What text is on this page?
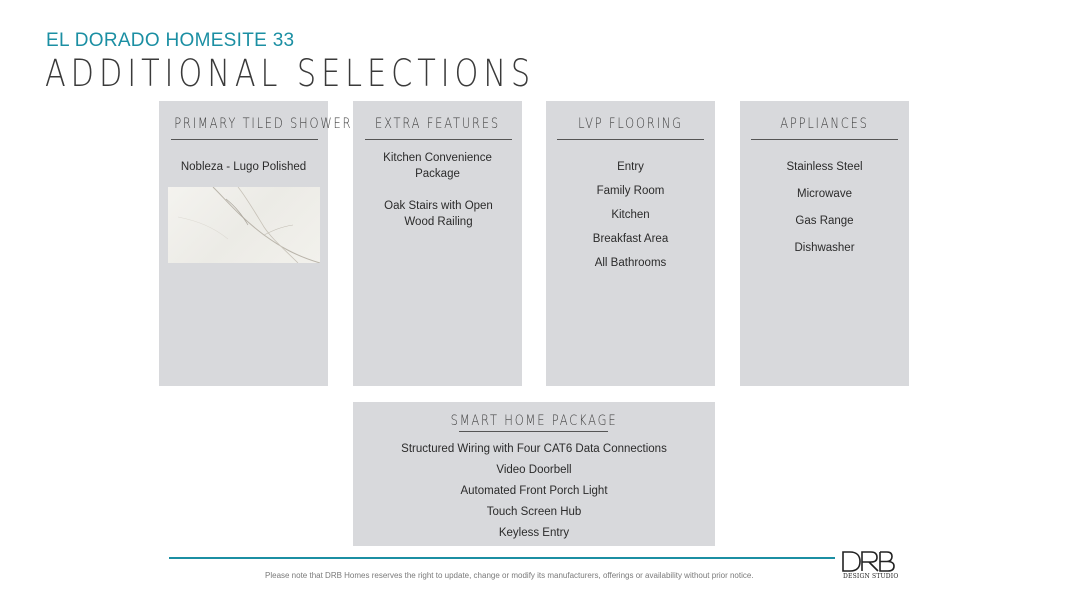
EL DORADO HOMESITE 33
ADDITIONAL SELECTIONS
PRIMARY TILED SHOWER
Nobleza - Lugo Polished
EXTRA FEATURES
Kitchen Convenience Package
Oak Stairs with Open Wood Railing
LVP FLOORING
Entry
Family Room
Kitchen
Breakfast Area
All Bathrooms
APPLIANCES
Stainless Steel
Microwave
Gas Range
Dishwasher
SMART HOME PACKAGE
Structured Wiring with Four CAT6 Data Connections
Video Doorbell
Automated Front Porch Light
Touch Screen Hub
Keyless Entry
Please note that DRB Homes reserves the right to update, change or modify its manufacturers, offerings or availability without prior notice.	DESIGN STUDIO
